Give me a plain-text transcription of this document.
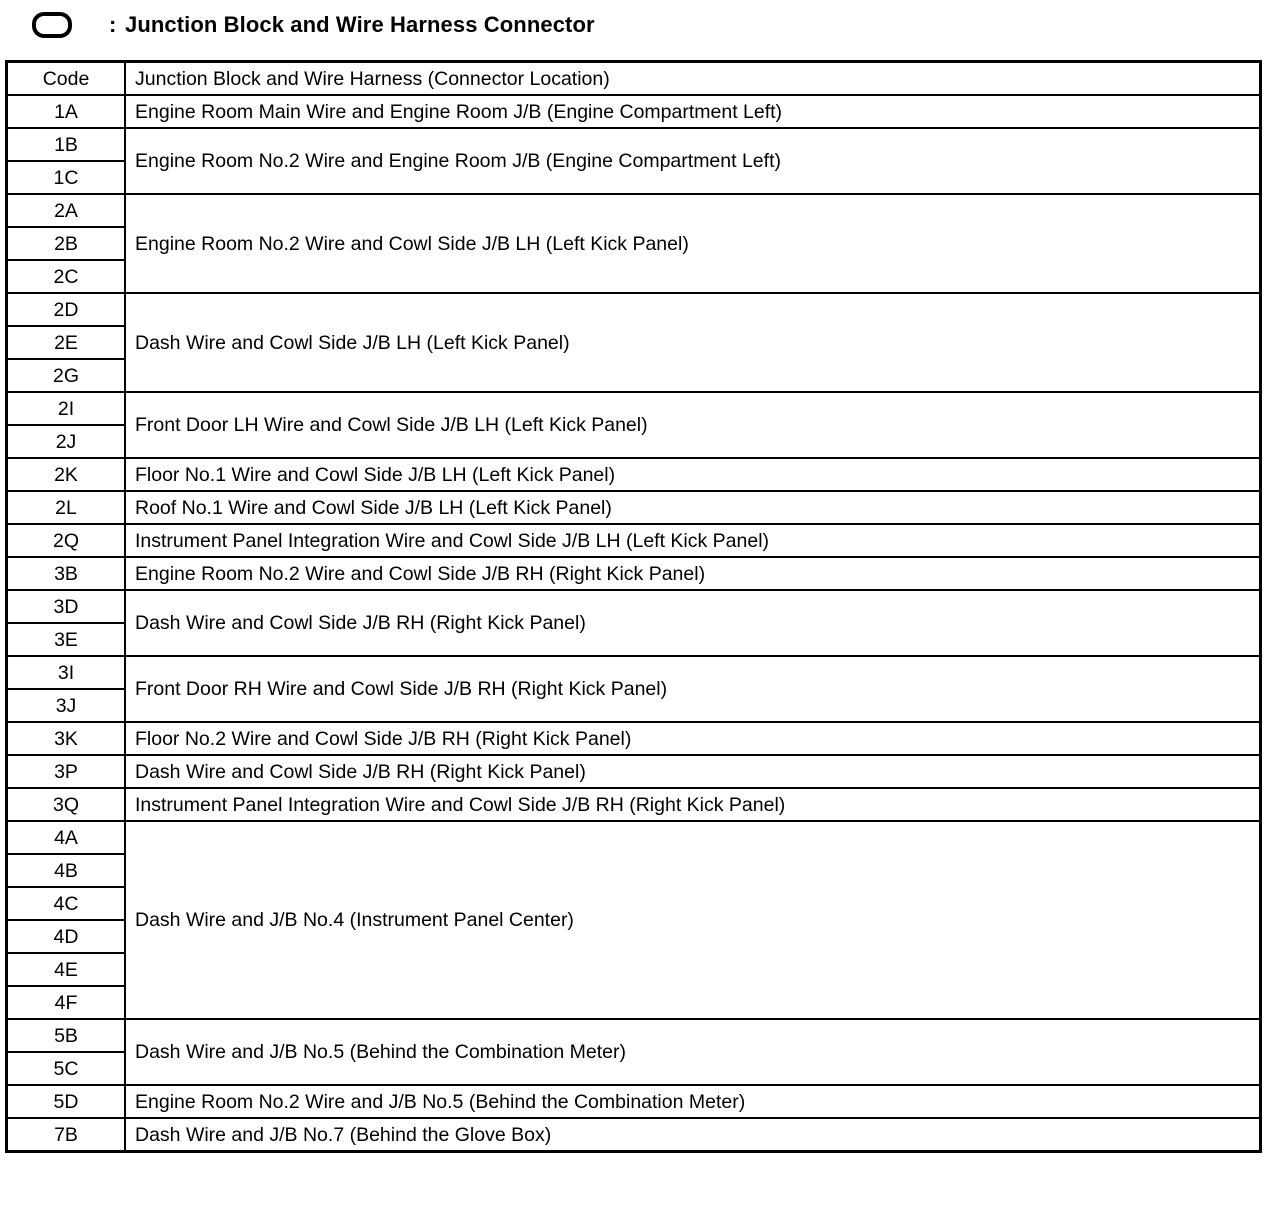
: Junction Block and Wire Harness Connector
Code	Junction Block and Wire Harness (Connector Location)
1A	Engine Room Main Wire and Engine Room J/B (Engine Compartment Left)
1B	Engine Room No.2 Wire and Engine Room J/B (Engine Compartment Left)
1C	
2A	Engine Room No.2 Wire and Cowl Side J/B LH (Left Kick Panel)
2B	
2C	
2D	Dash Wire and Cowl Side J/B LH (Left Kick Panel)
2E	
2G	
2I	Front Door LH Wire and Cowl Side J/B LH (Left Kick Panel)
2J	
2K	Floor No.1 Wire and Cowl Side J/B LH (Left Kick Panel)
2L	Roof No.1 Wire and Cowl Side J/B LH (Left Kick Panel)
2Q	Instrument Panel Integration Wire and Cowl Side J/B LH (Left Kick Panel)
3B	Engine Room No.2 Wire and Cowl Side J/B RH (Right Kick Panel)
3D	Dash Wire and Cowl Side J/B RH (Right Kick Panel)
3E	
3I	Front Door RH Wire and Cowl Side J/B RH (Right Kick Panel)
3J	
3K	Floor No.2 Wire and Cowl Side J/B RH (Right Kick Panel)
3P	Dash Wire and Cowl Side J/B RH (Right Kick Panel)
3Q	Instrument Panel Integration Wire and Cowl Side J/B RH (Right Kick Panel)
4A	Dash Wire and J/B No.4 (Instrument Panel Center)
4B	
4C	
4D	
4E	
4F	
5B	Dash Wire and J/B No.5 (Behind the Combination Meter)
5C	
5D	Engine Room No.2 Wire and J/B No.5 (Behind the Combination Meter)
7B	Dash Wire and J/B No.7 (Behind the Glove Box)
